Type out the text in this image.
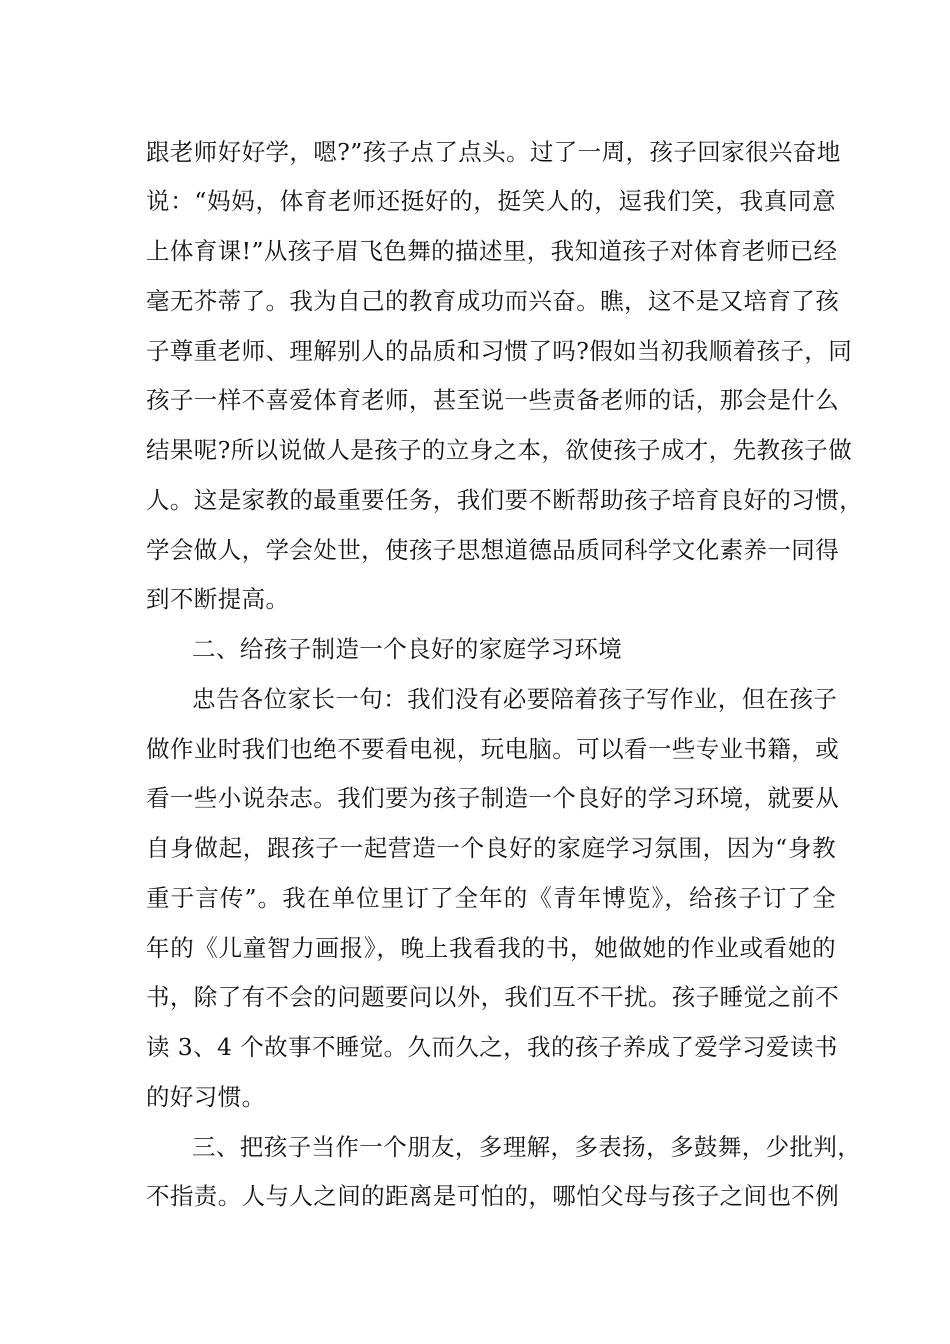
跟老师好好学，嗯?”孩子点了点头。过了一周，孩子回家很兴奋地
说：“妈妈，体育老师还挺好的，挺笑人的，逗我们笑，我真同意
上体育课!”从孩子眉飞色舞的描述里，我知道孩子对体育老师已经
毫无芥蒂了。我为自己的教育成功而兴奋。瞧，这不是又培育了孩
子尊重老师、理解别人的品质和习惯了吗?假如当初我顺着孩子，同
孩子一样不喜爱体育老师，甚至说一些责备老师的话，那会是什么
结果呢?所以说做人是孩子的立身之本，欲使孩子成才，先教孩子做
人。这是家教的最重要任务，我们要不断帮助孩子培育良好的习惯，
学会做人，学会处世，使孩子思想道德品质同科学文化素养一同得
到不断提高。
二、给孩子制造一个良好的家庭学习环境
忠告各位家长一句：我们没有必要陪着孩子写作业，但在孩子
做作业时我们也绝不要看电视，玩电脑。可以看一些专业书籍，或
看一些小说杂志。我们要为孩子制造一个良好的学习环境，就要从
自身做起，跟孩子一起营造一个良好的家庭学习氛围，因为“身教
重于言传”。我在单位里订了全年的《青年博览》，给孩子订了全
年的《儿童智力画报》，晚上我看我的书，她做她的作业或看她的
书，除了有不会的问题要问以外，我们互不干扰。孩子睡觉之前不
读 3、4 个故事不睡觉。久而久之，我的孩子养成了爱学习爱读书
的好习惯。
三、把孩子当作一个朋友，多理解，多表扬，多鼓舞，少批判，
不指责。人与人之间的距离是可怕的，哪怕父母与孩子之间也不例
